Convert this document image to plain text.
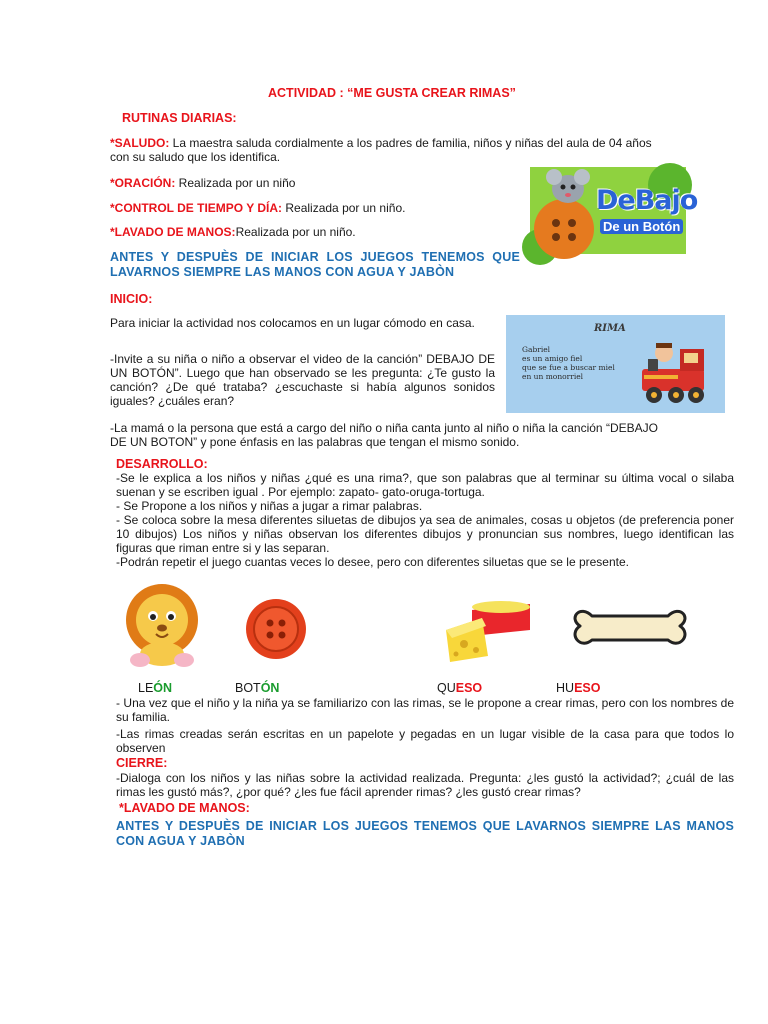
ACTIVIDAD : “ME GUSTA CREAR RIMAS”
RUTINAS DIARIAS:

*SALUDO: La maestra saluda cordialmente a los padres de familia, niños y niñas del aula de 04 años con su saludo que los identifica.

*ORACIÓN: Realizada por un niño

*CONTROL DE TIEMPO Y DÍA: Realizada por un niño.

*LAVADO DE MANOS:Realizada por un niño.

DeBajo
De un Botón

ANTES Y DESPUÈS DE INICIAR LOS JUEGOS TENEMOS QUE LAVARNOS SIEMPRE LAS MANOS CON AGUA Y JABÒN

INICIO:

Para iniciar la actividad nos colocamos en un lugar cómodo en casa.

-Invite a su niña o niño a observar el video de la canción” DEBAJO DE UN BOTÓN”. Luego que han observado se les pregunta: ¿Te gusto la canción? ¿De qué trataba? ¿escuchaste si había algunos sonidos iguales? ¿cuáles eran?

RIMA
Gabriel
es un amigo fiel
que se fue a buscar miel
en un monorriel

-La mamá o la persona que está a cargo del niño o niña canta junto al niño o niña la canción “DEBAJO DE UN BOTON” y pone énfasis en las palabras que tengan el mismo sonido.

DESARROLLO:

-Se le explica a los niños y niñas ¿qué es una rima?, que son palabras que al terminar su última vocal o silaba suenan y se escriben igual . Por ejemplo: zapato- gato-oruga-tortuga.

- Se Propone a los niños y niñas a jugar a rimar palabras.

- Se coloca sobre la mesa diferentes siluetas de dibujos ya sea de animales, cosas u objetos (de preferencia poner 10 dibujos) Los niños y niñas observan los diferentes dibujos y pronuncian sus nombres, luego identifican las figuras que riman entre si y las separan.

-Podrán repetir el juego cuantas veces lo desee, pero con diferentes siluetas que se le presente.

LEÓN	BOTÓN	QUESO	HUESO

- Una vez que el niño y la niña ya se familiarizo con las rimas, se le propone a crear rimas, pero con los nombres de su familia.

-Las rimas creadas serán escritas en un papelote y pegadas en un lugar visible de la casa para que todos lo observen

CIERRE:

-Dialoga con los niños y las niñas sobre la actividad realizada. Pregunta: ¿les gustó la actividad?; ¿cuál de las rimas les gustó más?, ¿por qué? ¿les fue fácil aprender rimas? ¿les gustó crear rimas?

*LAVADO DE MANOS:

ANTES Y DESPUÈS DE INICIAR LOS JUEGOS TENEMOS QUE LAVARNOS SIEMPRE LAS MANOS CON AGUA Y JABÒN
